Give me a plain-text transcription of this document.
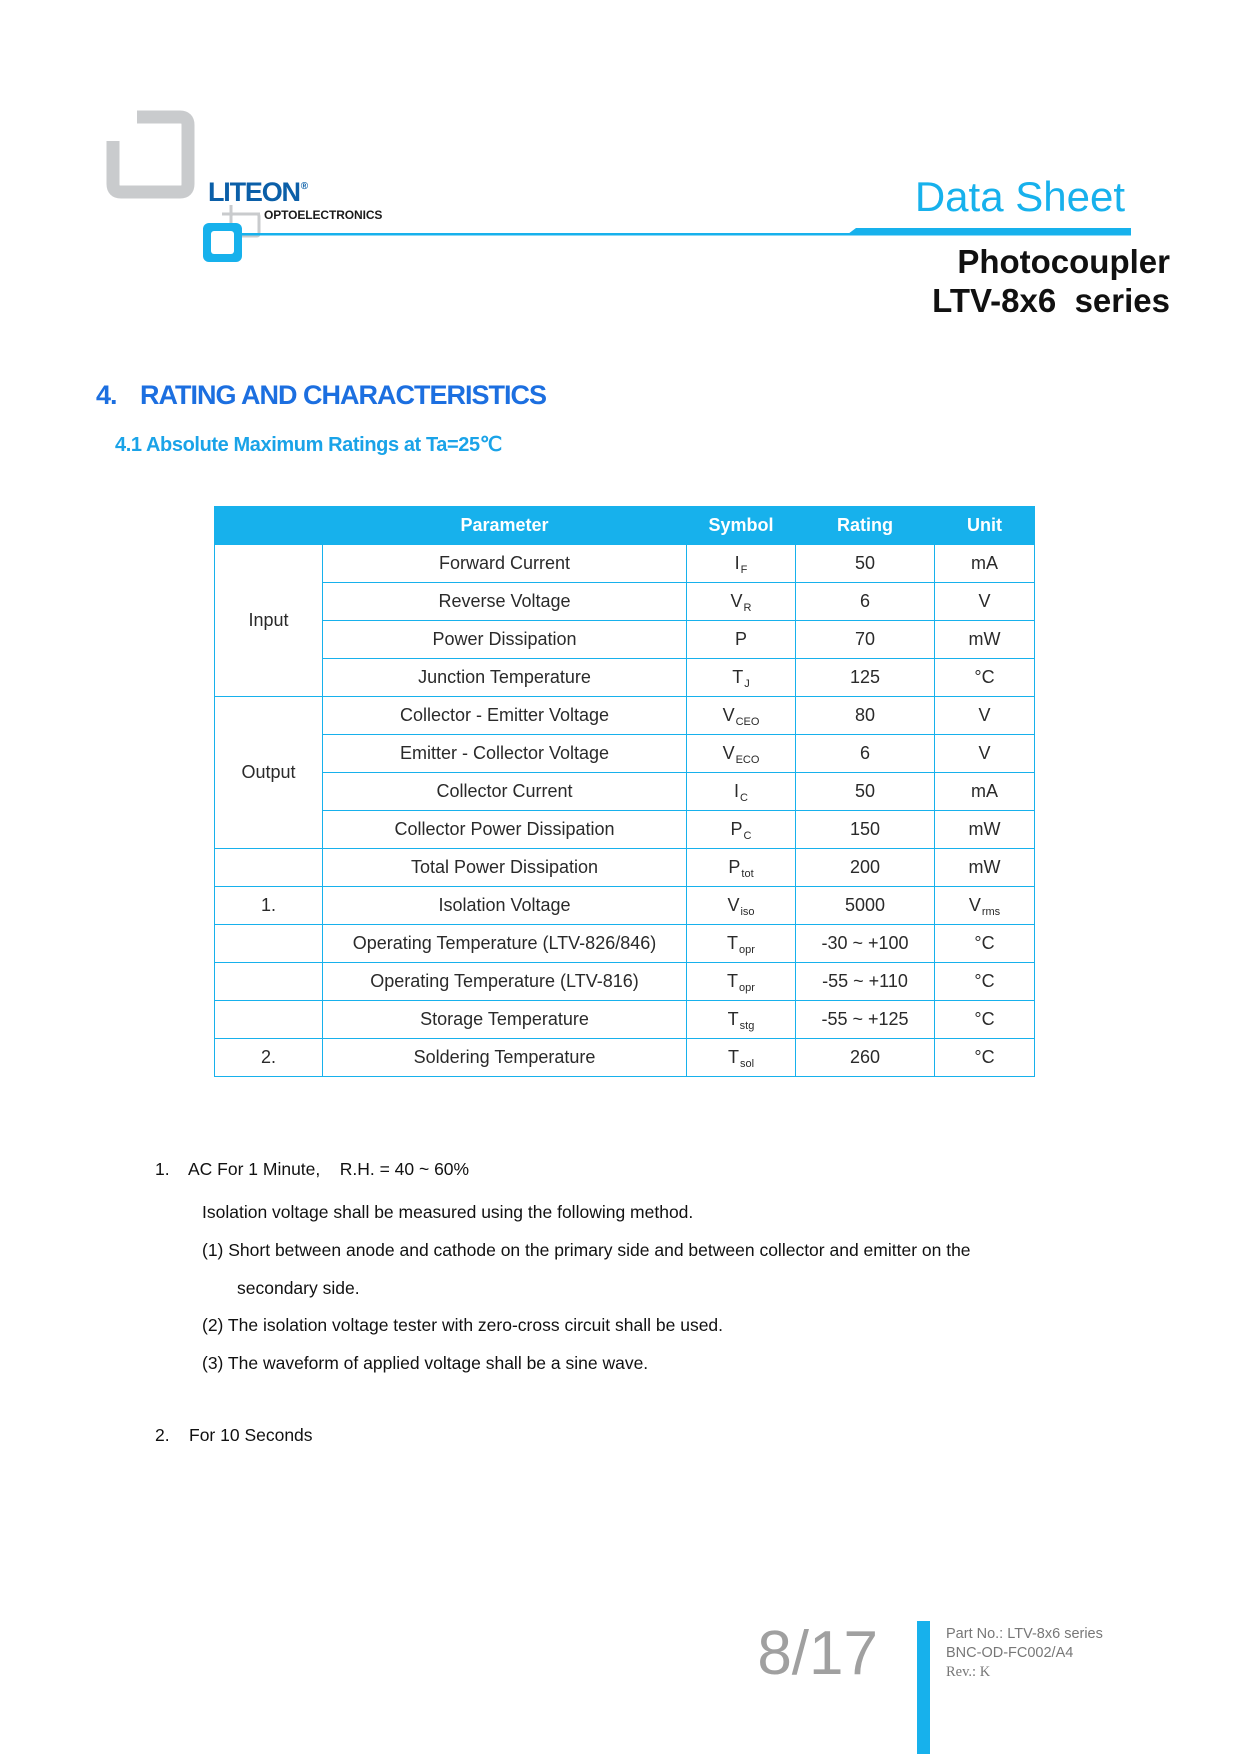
LITEON®
OPTOELECTRONICS	Data Sheet
Photocoupler
LTV-8x6  series
4. RATING AND CHARACTERISTICS
4.1 Absolute Maximum Ratings at Ta=25℃
	Parameter	Symbol	Rating	Unit
Input	Forward Current	$I_F$	50	mA
	Reverse Voltage	$V_R$	6	V
	Power Dissipation	P	70	mW
	Junction Temperature	$T_J$	125	°C
Output	Collector - Emitter Voltage	$V_{CEO}$	80	V
	Emitter - Collector Voltage	$V_{ECO}$	6	V
	Collector Current	$I_C$	50	mA
	Collector Power Dissipation	$P_C$	150	mW
	Total Power Dissipation	$P_{tot}$	200	mW
1.	Isolation Voltage	$V_{iso}$	5000	$V_{rms}$
	Operating Temperature (LTV-826/846)	$T_{opr}$	-30 ~ +100	°C
	Operating Temperature (LTV-816)	$T_{opr}$	-55 ~ +110	°C
	Storage Temperature	$T_{stg}$	-55 ~ +125	°C
2.	Soldering Temperature	$T_{sol}$	260	°C
1. AC For 1 Minute,    R.H. = 40 ~ 60%
Isolation voltage shall be measured using the following method.
(1) Short between anode and cathode on the primary side and between collector and emitter on the
secondary side.
(2) The isolation voltage tester with zero-cross circuit shall be used.
(3) The waveform of applied voltage shall be a sine wave.
2. For 10 Seconds
8/17	Part No.: LTV-8x6 series
BNC-OD-FC002/A4
Rev.: K
